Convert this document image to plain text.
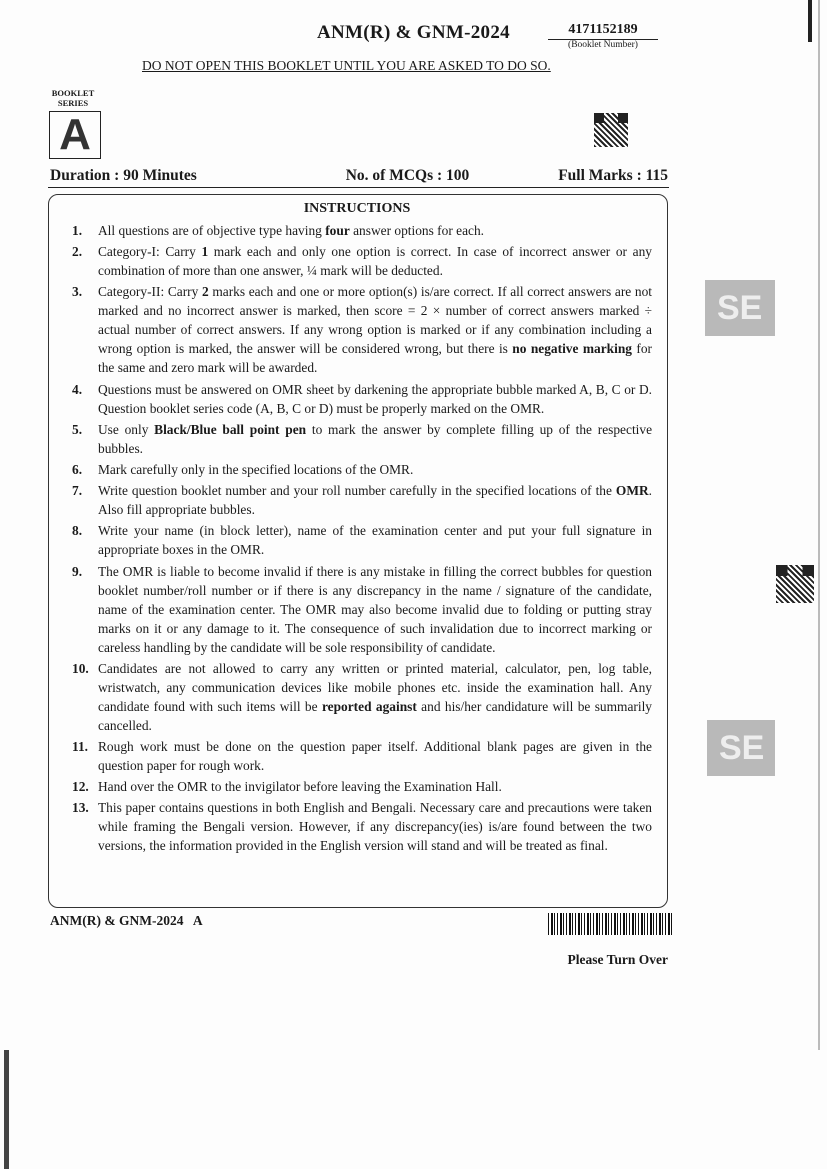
ANM(R) & GNM-2024	4171152189
(Booklet Number)
DO NOT OPEN THIS BOOKLET UNTIL YOU ARE ASKED TO DO SO.
BOOKLET SERIES
A
Duration : 90 Minutes	No. of MCQs : 100	Full Marks : 115
INSTRUCTIONS
1.	All questions are of objective type having four answer options for each.
2.	Category-I: Carry 1 mark each and only one option is correct. In case of incorrect answer or any combination of more than one answer, ¼ mark will be deducted.
3.	Category-II: Carry 2 marks each and one or more option(s) is/are correct. If all correct answers are not marked and no incorrect answer is marked, then score = 2 × number of correct answers marked ÷ actual number of correct answers. If any wrong option is marked or if any combination including a wrong option is marked, the answer will be considered wrong, but there is no negative marking for the same and zero mark will be awarded.
4.	Questions must be answered on OMR sheet by darkening the appropriate bubble marked A, B, C or D. Question booklet series code (A, B, C or D) must be properly marked on the OMR.
5.	Use only Black/Blue ball point pen to mark the answer by complete filling up of the respective bubbles.
6.	Mark carefully only in the specified locations of the OMR.
7.	Write question booklet number and your roll number carefully in the specified locations of the OMR. Also fill appropriate bubbles.
8.	Write your name (in block letter), name of the examination center and put your full signature in appropriate boxes in the OMR.
9.	The OMR is liable to become invalid if there is any mistake in filling the correct bubbles for question booklet number/roll number or if there is any discrepancy in the name / signature of the candidate, name of the examination center. The OMR may also become invalid due to folding or putting stray marks on it or any damage to it. The consequence of such invalidation due to incorrect marking or careless handling by the candidate will be sole responsibility of candidate.
10. Candidates are not allowed to carry any written or printed material, calculator, pen, log table, wristwatch, any communication devices like mobile phones etc. inside the examination hall. Any candidate found with such items will be reported against and his/her candidature will be summarily cancelled.
11. Rough work must be done on the question paper itself. Additional blank pages are given in the question paper for rough work.
12. Hand over the OMR to the invigilator before leaving the Examination Hall.
13. This paper contains questions in both English and Bengali. Necessary care and precautions were taken while framing the Bengali version. However, if any discrepancy(ies) is/are found between the two versions, the information provided in the English version will stand and will be treated as final.
ANM(R) & GNM-2024   A
Please Turn Over
SE
SE
